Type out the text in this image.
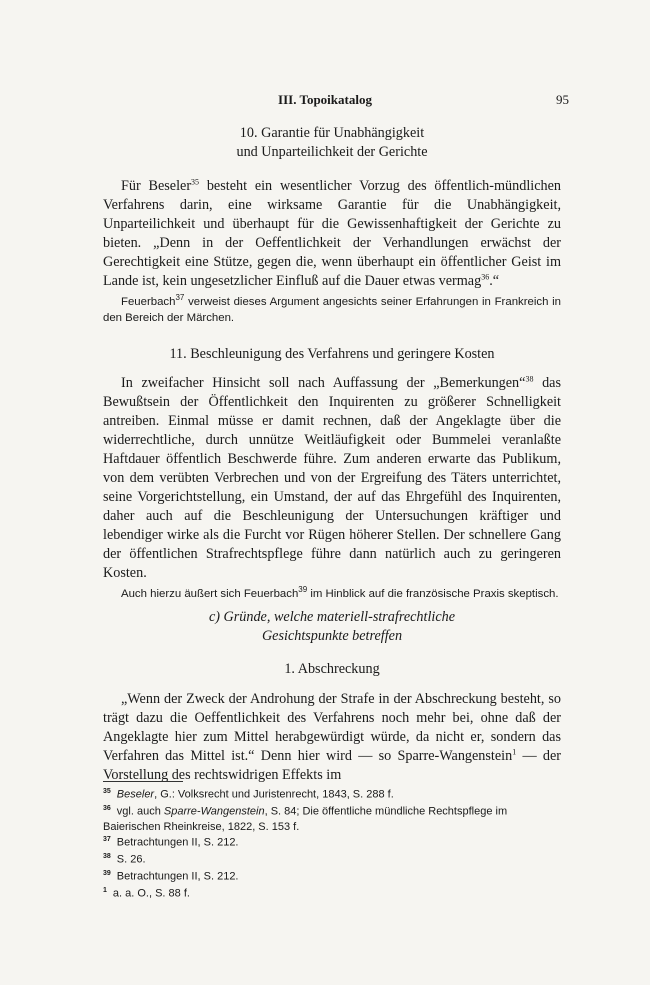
III. Topoikatalog	95
10. Garantie für Unabhängigkeit
und Unparteilichkeit der Gerichte

Für Beseler$^{35}$ besteht ein wesentlicher Vorzug des öffentlich-mündlichen Verfahrens darin, eine wirksame Garantie für die Unabhängigkeit, Unparteilichkeit und überhaupt für die Gewissenhaftigkeit der Gerichte zu bieten. „Denn in der Oeffentlichkeit der Verhandlungen erwächst der Gerechtigkeit eine Stütze, gegen die, wenn überhaupt ein öffentlicher Geist im Lande ist, kein ungesetzlicher Einfluß auf die Dauer etwas vermag$^{36}$.“

Feuerbach$^{37}$ verweist dieses Argument angesichts seiner Erfahrungen in Frankreich in den Bereich der Märchen.

11. Beschleunigung des Verfahrens und geringere Kosten

In zweifacher Hinsicht soll nach Auffassung der „Bemerkungen“$^{38}$ das Bewußtsein der Öffentlichkeit den Inquirenten zu größerer Schnelligkeit antreiben. Einmal müsse er damit rechnen, daß der Angeklagte über die widerrechtliche, durch unnütze Weitläufigkeit oder Bummelei veranlaßte Haftdauer öffentlich Beschwerde führe. Zum anderen erwarte das Publikum, von dem verübten Verbrechen und von der Ergreifung des Täters unterrichtet, seine Vorgerichtstellung, ein Umstand, der auf das Ehrgefühl des Inquirenten, daher auch auf die Beschleunigung der Untersuchungen kräftiger und lebendiger wirke als die Furcht vor Rügen höherer Stellen. Der schnellere Gang der öffentlichen Strafrechtspflege führe dann natürlich auch zu geringeren Kosten.

Auch hierzu äußert sich Feuerbach$^{39}$ im Hinblick auf die französische Praxis skeptisch.

c) Gründe, welche materiell-strafrechtliche
Gesichtspunkte betreffen
1. Abschreckung

„Wenn der Zweck der Androhung der Strafe in der Abschreckung besteht, so trägt dazu die Oeffentlichkeit des Verfahrens noch mehr bei, ohne daß der Angeklagte hier zum Mittel herabgewürdigt würde, da nicht er, sondern das Verfahren das Mittel ist.“ Denn hier wird — so Sparre-Wangenstein$^1$ — der Vorstellung des rechtswidrigen Effekts im

$^{35}$ Beseler, G.: Volksrecht und Juristenrecht, 1843, S. 288 f.
$^{36}$ vgl. auch Sparre-Wangenstein, S. 84; Die öffentliche mündliche Rechtspflege im Baierischen Rheinkreise, 1822, S. 153 f.
$^{37}$ Betrachtungen II, S. 212.
$^{38}$ S. 26.
$^{39}$ Betrachtungen II, S. 212.
$^1$ a. a. O., S. 88 f.
